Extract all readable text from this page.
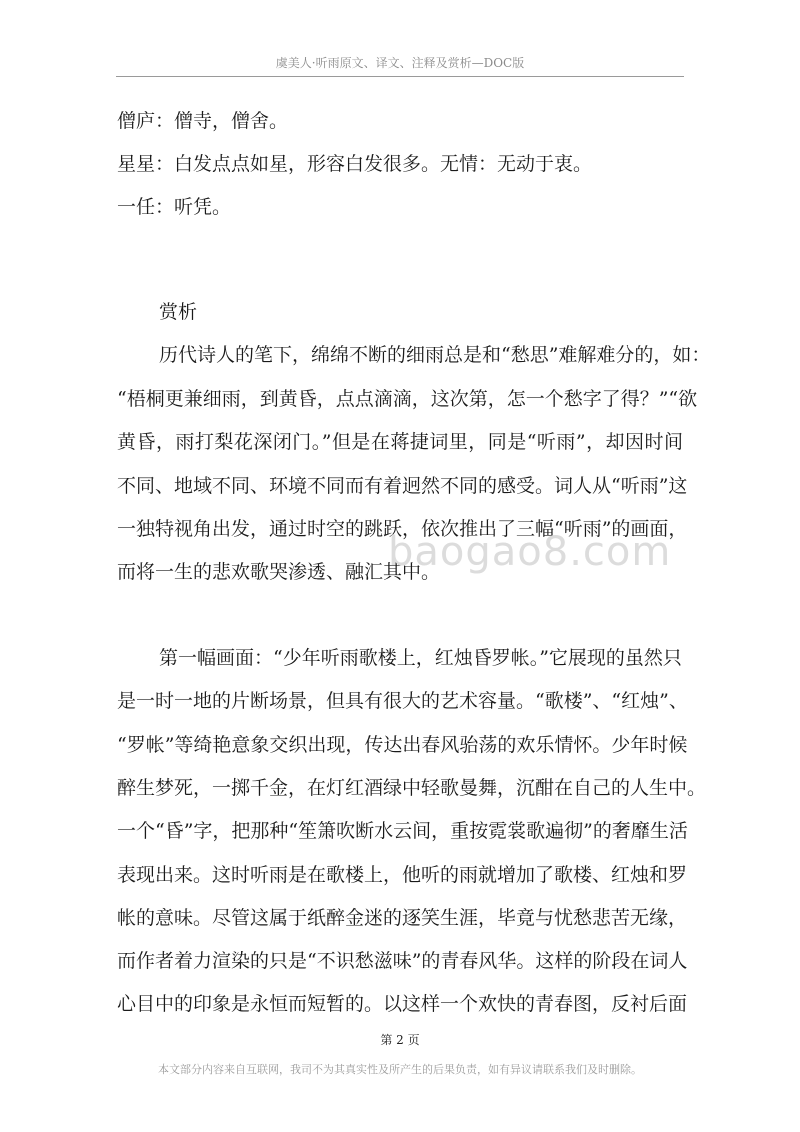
虞美人·听雨原文、译文、注释及赏析—DOC版
僧庐：僧寺，僧舍。
星星：白发点点如星，形容白发很多。无情：无动于衷。
一任：听凭。
赏析
历代诗人的笔下，绵绵不断的细雨总是和“愁思”难解难分的，如：
“梧桐更兼细雨，到黄昏，点点滴滴，这次第，怎一个愁字了得？”“欲
黄昏，雨打梨花深闭门。”但是在蒋捷词里，同是“听雨”，却因时间
不同、地域不同、环境不同而有着迥然不同的感受。词人从“听雨”这
一独特视角出发，通过时空的跳跃，依次推出了三幅“听雨”的画面，
而将一生的悲欢歌哭渗透、融汇其中。
第一幅画面：“少年听雨歌楼上，红烛昏罗帐。”它展现的虽然只
是一时一地的片断场景，但具有很大的艺术容量。“歌楼”、“红烛”、
“罗帐”等绮艳意象交织出现，传达出春风骀荡的欢乐情怀。少年时候
醉生梦死，一掷千金，在灯红酒绿中轻歌曼舞，沉酣在自己的人生中。
一个“昏”字，把那种“笙箫吹断水云间，重按霓裳歌遍彻”的奢靡生活
表现出来。这时听雨是在歌楼上，他听的雨就增加了歌楼、红烛和罗
帐的意味。尽管这属于纸醉金迷的逐笑生涯，毕竟与忧愁悲苦无缘，
而作者着力渲染的只是“不识愁滋味”的青春风华。这样的阶段在词人
心目中的印象是永恒而短暂的。以这样一个欢快的青春图，反衬后面
baogao8.com
第 2 页
本文部分内容来自互联网，我司不为其真实性及所产生的后果负责，如有异议请联系我们及时删除。
